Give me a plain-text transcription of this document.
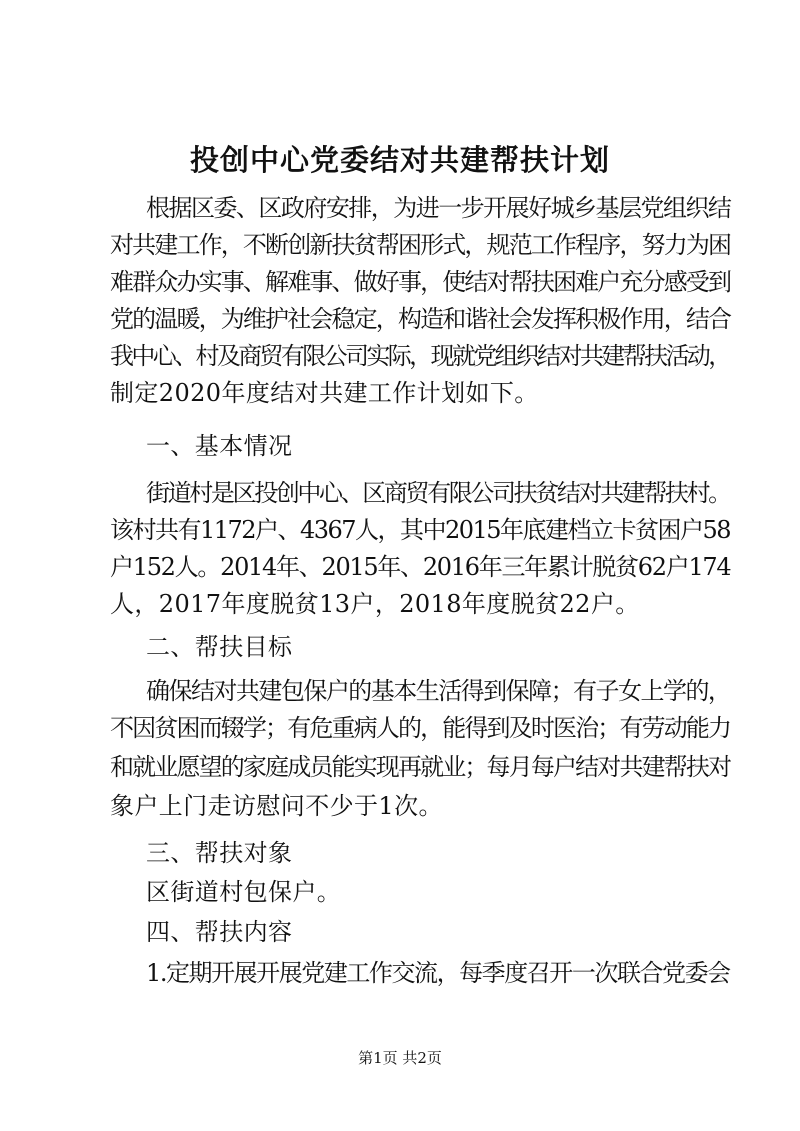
投创中心党委结对共建帮扶计划
根据区委、区政府安排，为进一步开展好城乡基层党组织结
对共建工作，不断创新扶贫帮困形式，规范工作程序，努力为困
难群众办实事、解难事、做好事，使结对帮扶困难户充分感受到
党的温暖，为维护社会稳定，构造和谐社会发挥积极作用，结合
我中心、村及商贸有限公司实际，现就党组织结对共建帮扶活动，
制定2020年度结对共建工作计划如下。
一、基本情况
街道村是区投创中心、区商贸有限公司扶贫结对共建帮扶村。
该村共有1172户、4367人，其中2015年底建档立卡贫困户58
户152人。2014年、2015年、2016年三年累计脱贫62户174
人，2017年度脱贫13户，2018年度脱贫22户。
二、帮扶目标
确保结对共建包保户的基本生活得到保障；有子女上学的，
不因贫困而辍学；有危重病人的，能得到及时医治；有劳动能力
和就业愿望的家庭成员能实现再就业；每月每户结对共建帮扶对
象户上门走访慰问不少于1次。
三、帮扶对象
区街道村包保户。
四、帮扶内容
1.定期开展开展党建工作交流，每季度召开一次联合党委会
第1页 共2页
